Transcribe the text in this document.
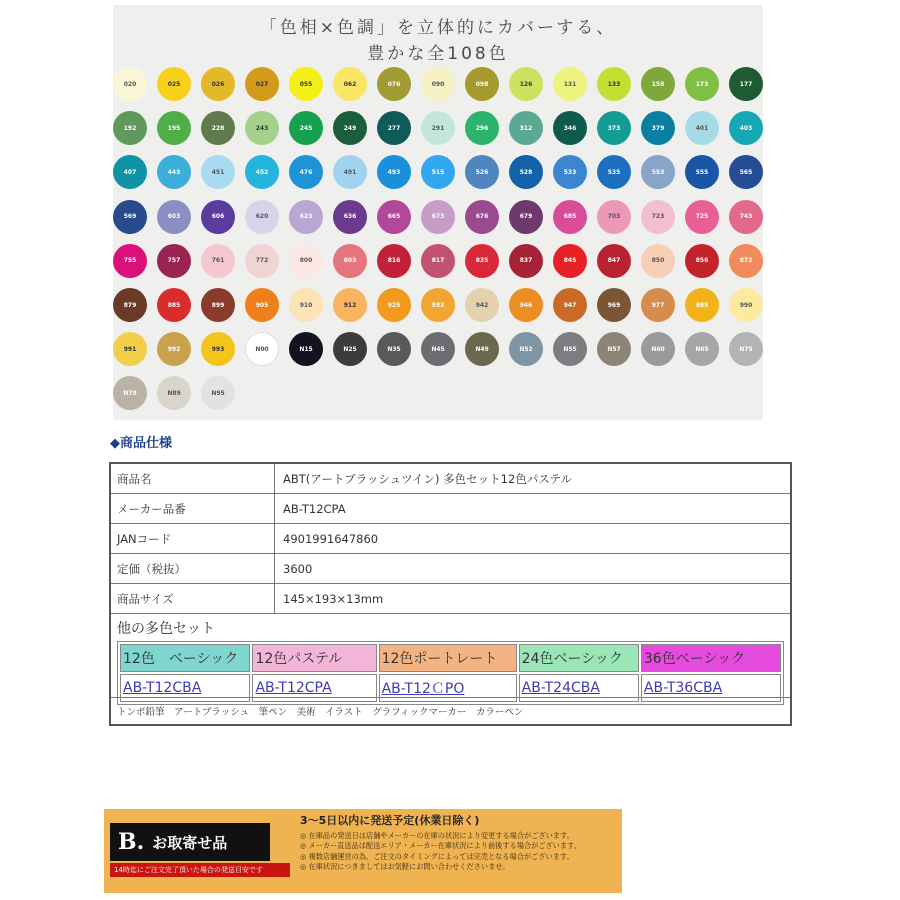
「色相×色調」を立体的にカバーする、
豊かな全108色
020	025	026	027	055	062	076	090	098	126	131	133	158	173	177
192	195	228	243	245	249	277	291	296	312	346	373	379	401	403
407	443	451	452	476	491	493	515	526	528	533	535	553	555	565
569	603	606	620	623	636	665	673	676	679	685	703	723	725	743
755	757	761	772	800	803	816	817	835	837	845	847	850	856	873
879	885	899	905	910	912	925	933	942	946	947	969	977	985	990
991	992	993	N00	N15	N25	N35	N45	N49	N52	N55	N57	N60	N65	N75
N79	N89	N95
◆商品仕様
商品名	ABT(アートブラッシュツイン) 多色セット12色パステル
メーカー品番	AB-T12CPA
JANコード	4901991647860
定価（税抜）	3600
商品サイズ	145×193×13mm
他の多色セット
12色　ベーシック	12色パステル	12色ポートレート	24色ベーシック	36色ベーシック
AB-T12CBA	AB-T12CPA	AB-T12ＣPO	AB-T24CBA	AB-T36CBA
トンボ鉛筆　アートブラッシュ　筆ペン　美術　イラスト　グラフィックマーカー　カラーペン
B. お取寄せ品
14時迄にご注文完了頂いた場合の発送目安です
3〜5日以内に発送予定(休業日除く)
◎ 在庫品の発送日は店舗やメーカーの在庫の状況により変更する場合がございます。
◎ メーカー直送品は配送エリア・メーカー在庫状況により前後する場合がございます。
◎ 複数店舗運営の為、ご注文のタイミングによっては完売となる場合がございます。
◎ 在庫状況につきましてはお気軽にお問い合わせくださいませ。
